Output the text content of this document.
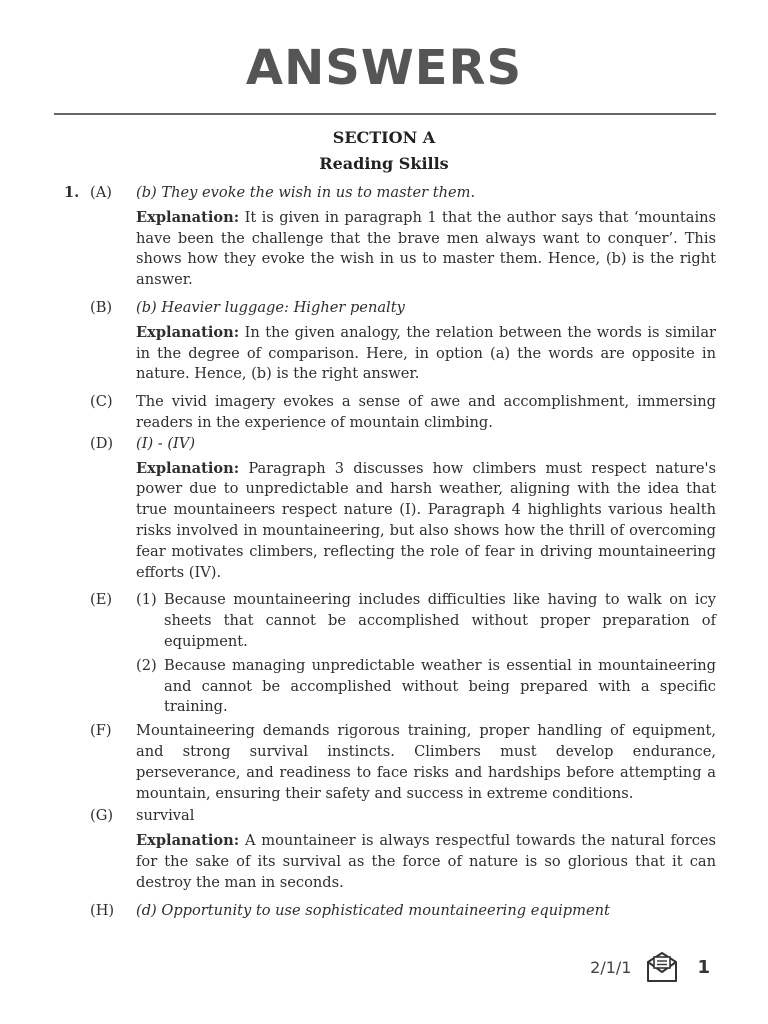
ANSWERS
SECTION A
Reading Skills
1. (A)	(b) They evoke the wish in us to master them.
Explanation: It is given in paragraph 1 that the author says that ‘mountains have been the challenge that the brave men always want to conquer’. This shows how they evoke the wish in us to master them. Hence, (b) is the right answer.
(B)	(b) Heavier luggage: Higher penalty
Explanation: In the given analogy, the relation between the words is similar in the degree of comparison. Here, in option (a) the words are opposite in nature. Hence, (b) is the right answer.
(C)	The vivid imagery evokes a sense of awe and accomplishment, immersing readers in the experience of mountain climbing.
(D)	(I) - (IV)
Explanation: Paragraph 3 discusses how climbers must respect nature's power due to unpredictable and harsh weather, aligning with the idea that true mountaineers respect nature (I). Paragraph 4 highlights various health risks involved in mountaineering, but also shows how the thrill of overcoming fear motivates climbers, reflecting the role of fear in driving mountaineering efforts (IV).
(E)	(1) Because mountaineering includes difficulties like having to walk on icy sheets that cannot be accomplished without proper preparation of equipment.
(2) Because managing unpredictable weather is essential in mountaineering and cannot be accomplished without being prepared with a specific training.
(F)	Mountaineering demands rigorous training, proper handling of equipment, and strong survival instincts. Climbers must develop endurance, perseverance, and readiness to face risks and hardships before attempting a mountain, ensuring their safety and success in extreme conditions.
(G)	survival
Explanation: A mountaineer is always respectful towards the natural forces for the sake of its survival as the force of nature is so glorious that it can destroy the man in seconds.
(H)	(d) Opportunity to use sophisticated mountaineering equipment
2/1/1	1
